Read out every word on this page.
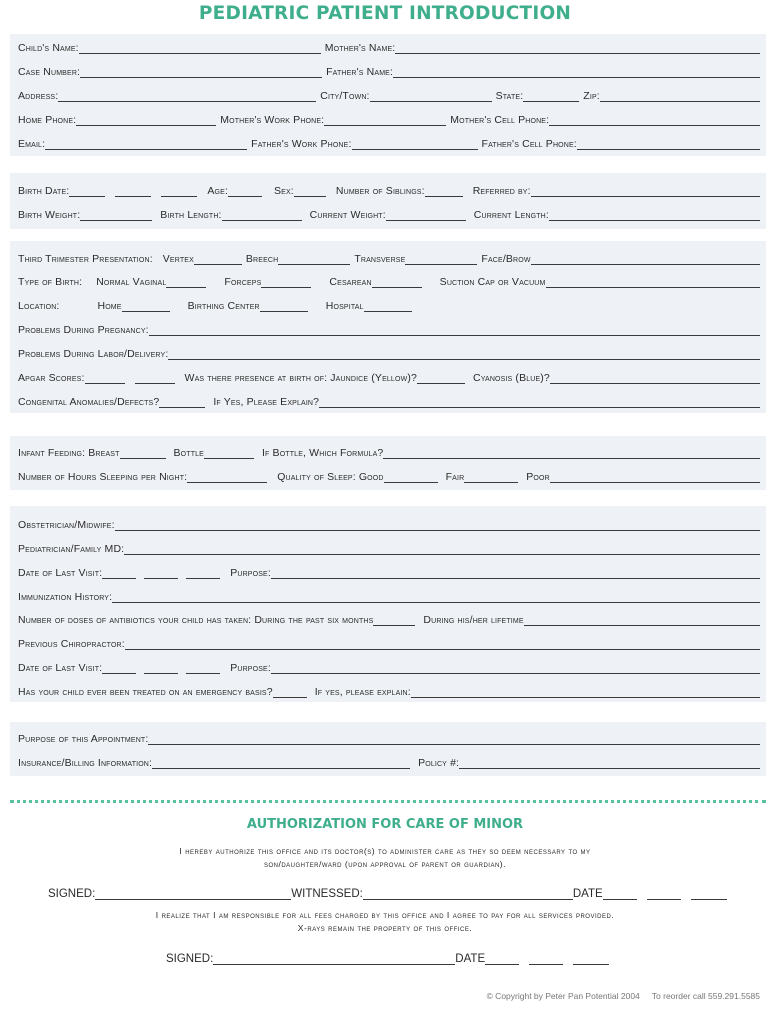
PEDIATRIC PATIENT INTRODUCTION
Child's Name:	Mother's Name:
Case Number:	Father's Name:
Address:	City/Town:	State:	Zip:
Home Phone:	Mother's Work Phone:	Mother's Cell Phone:
Email:	Father's Work Phone:	Father's Cell Phone:
Birth Date:	Age:	Sex:	Number of Siblings:	Referred by:
Birth Weight:	Birth Length:	Current Weight:	Current Length:
Third Trimester Presentation: Vertex	Breech	Transverse	Face/Brow
Type of Birth: Normal Vaginal	Forceps	Cesarean	Suction Cap or Vacuum
Location:	Home	Birthing Center	Hospital
Problems During Pregnancy:
Problems During Labor/Delivery:
Apgar Scores:	Was there presence at birth of: Jaundice (Yellow)?	Cyanosis (Blue)?
Congenital Anomalies/Defects?	If Yes, Please Explain?
Infant Feeding: Breast	Bottle	If Bottle, Which Formula?
Number of Hours Sleeping per Night:	Quality of Sleep: Good	Fair	Poor
Obstetrician/Midwife:
Pediatrician/Family MD:
Date of Last Visit:	Purpose:
Immunization History:
Number of doses of antibiotics your child has taken: During the past six months	During his/her lifetime
Previous Chiropractor:
Date of Last Visit:	Purpose:
Has your child ever been treated on an emergency basis?	If yes, please explain:
Purpose of this Appointment:
Insurance/Billing Information:	Policy #:
AUTHORIZATION FOR CARE OF MINOR
I hereby authorize this office and its doctor(s) to administer care as they so deem necessary to my
son/daughter/ward (upon approval of parent or guardian).
SIGNED:	WITNESSED:	DATE
I realize that I am responsible for all fees charged by this office and I agree to pay for all services provided.
X-rays remain the property of this office.
SIGNED:	DATE
© Copyright by Peter Pan Potential 2004 To reorder call 559.291.5585
